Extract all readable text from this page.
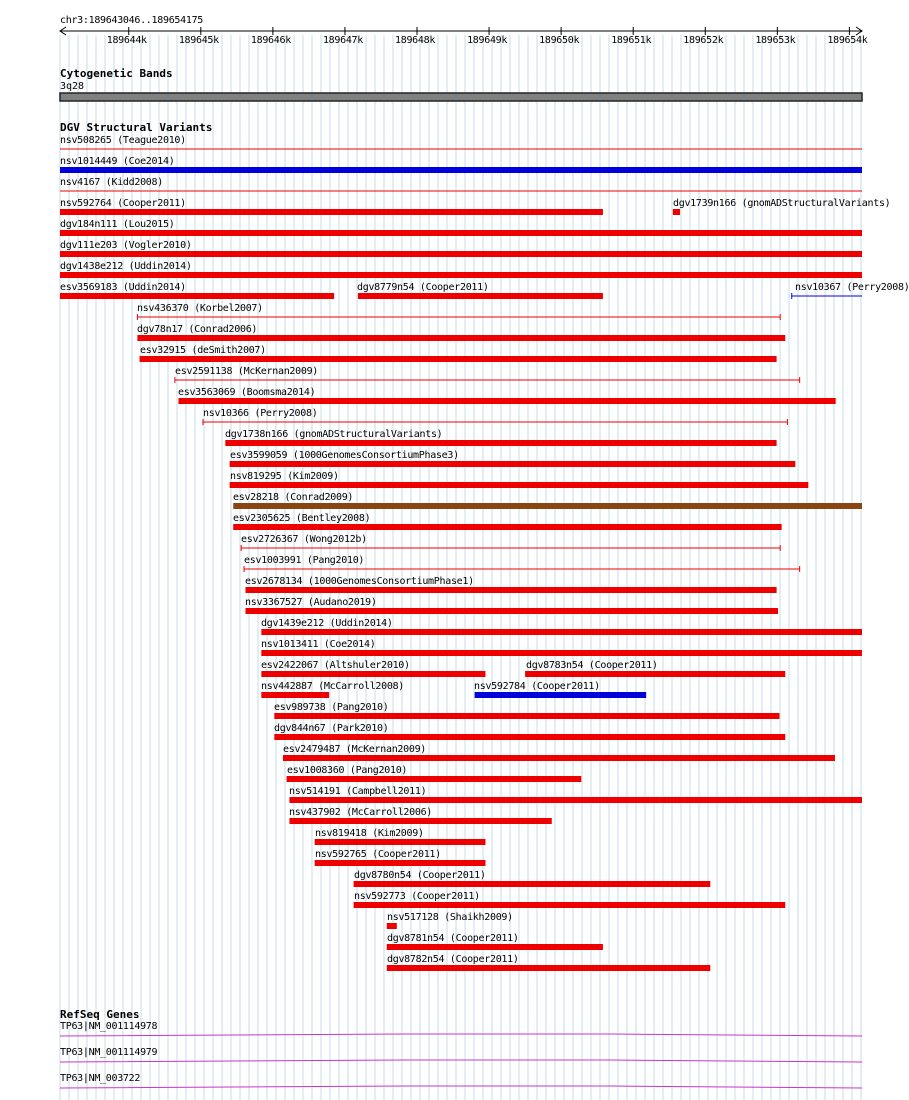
chr3:189643046..189654175
189644k	189645k	189646k	189647k	189648k	189649k	189650k	189651k	189652k	189653k	189654k
Cytogenetic Bands
3q28
DGV Structural Variants
nsv508265 (Teague2010)
nsv1014449 (Coe2014)
nsv4167 (Kidd2008)
nsv592764 (Cooper2011)	dgv1739n166 (gnomADStructuralVariants)
dgv184n111 (Lou2015)
dgv111e203 (Vogler2010)
dgv1438e212 (Uddin2014)
esv3569183 (Uddin2014)	dgv8779n54 (Cooper2011)	nsv10367 (Perry2008)
nsv436370 (Korbel2007)
dgv78n17 (Conrad2006)
esv32915 (deSmith2007)
esv2591138 (McKernan2009)
esv3563069 (Boomsma2014)
nsv10366 (Perry2008)
dgv1738n166 (gnomADStructuralVariants)
esv3599059 (1000GenomesConsortiumPhase3)
nsv819295 (Kim2009)
esv28218 (Conrad2009)
esv2305625 (Bentley2008)
esv2726367 (Wong2012b)
esv1003991 (Pang2010)
esv2678134 (1000GenomesConsortiumPhase1)
nsv3367527 (Audano2019)
dgv1439e212 (Uddin2014)
nsv1013411 (Coe2014)
esv2422067 (Altshuler2010)	dgv8783n54 (Cooper2011)
nsv442887 (McCarroll2008)	nsv592784 (Cooper2011)
esv989738 (Pang2010)
dgv844n67 (Park2010)
esv2479487 (McKernan2009)
esv1008360 (Pang2010)
nsv514191 (Campbell2011)
nsv437902 (McCarroll2006)
nsv819418 (Kim2009)
nsv592765 (Cooper2011)
dgv8780n54 (Cooper2011)
nsv592773 (Cooper2011)
nsv517128 (Shaikh2009)
dgv8781n54 (Cooper2011)
dgv8782n54 (Cooper2011)
RefSeq Genes
TP63|NM_001114978
TP63|NM_001114979
TP63|NM_003722
